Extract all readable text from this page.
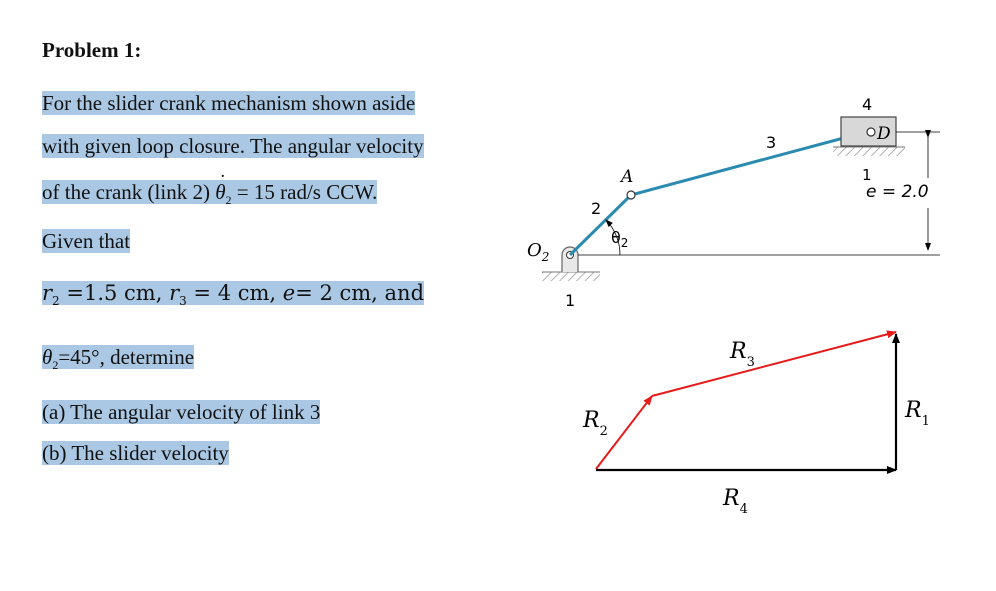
Problem 1:
For the slider crank mechanism shown aside
with given loop closure. The angular velocity
of the crank (link 2) ˙ $\theta_2 = 15$ rad/s CCW.
Given that
$r_2 =1.5$ cm, $r_3 = 4$ cm, e= 2 cm, and
$\theta_2=45^\circ$, determine
(a) The angular velocity of link 3
(b) The slider velocity
$O_2$
1
2
A
$\theta_2$
3
4
D
1
e = 2.0
$R_2$
$R_3$
$R_4$
$R_1$
